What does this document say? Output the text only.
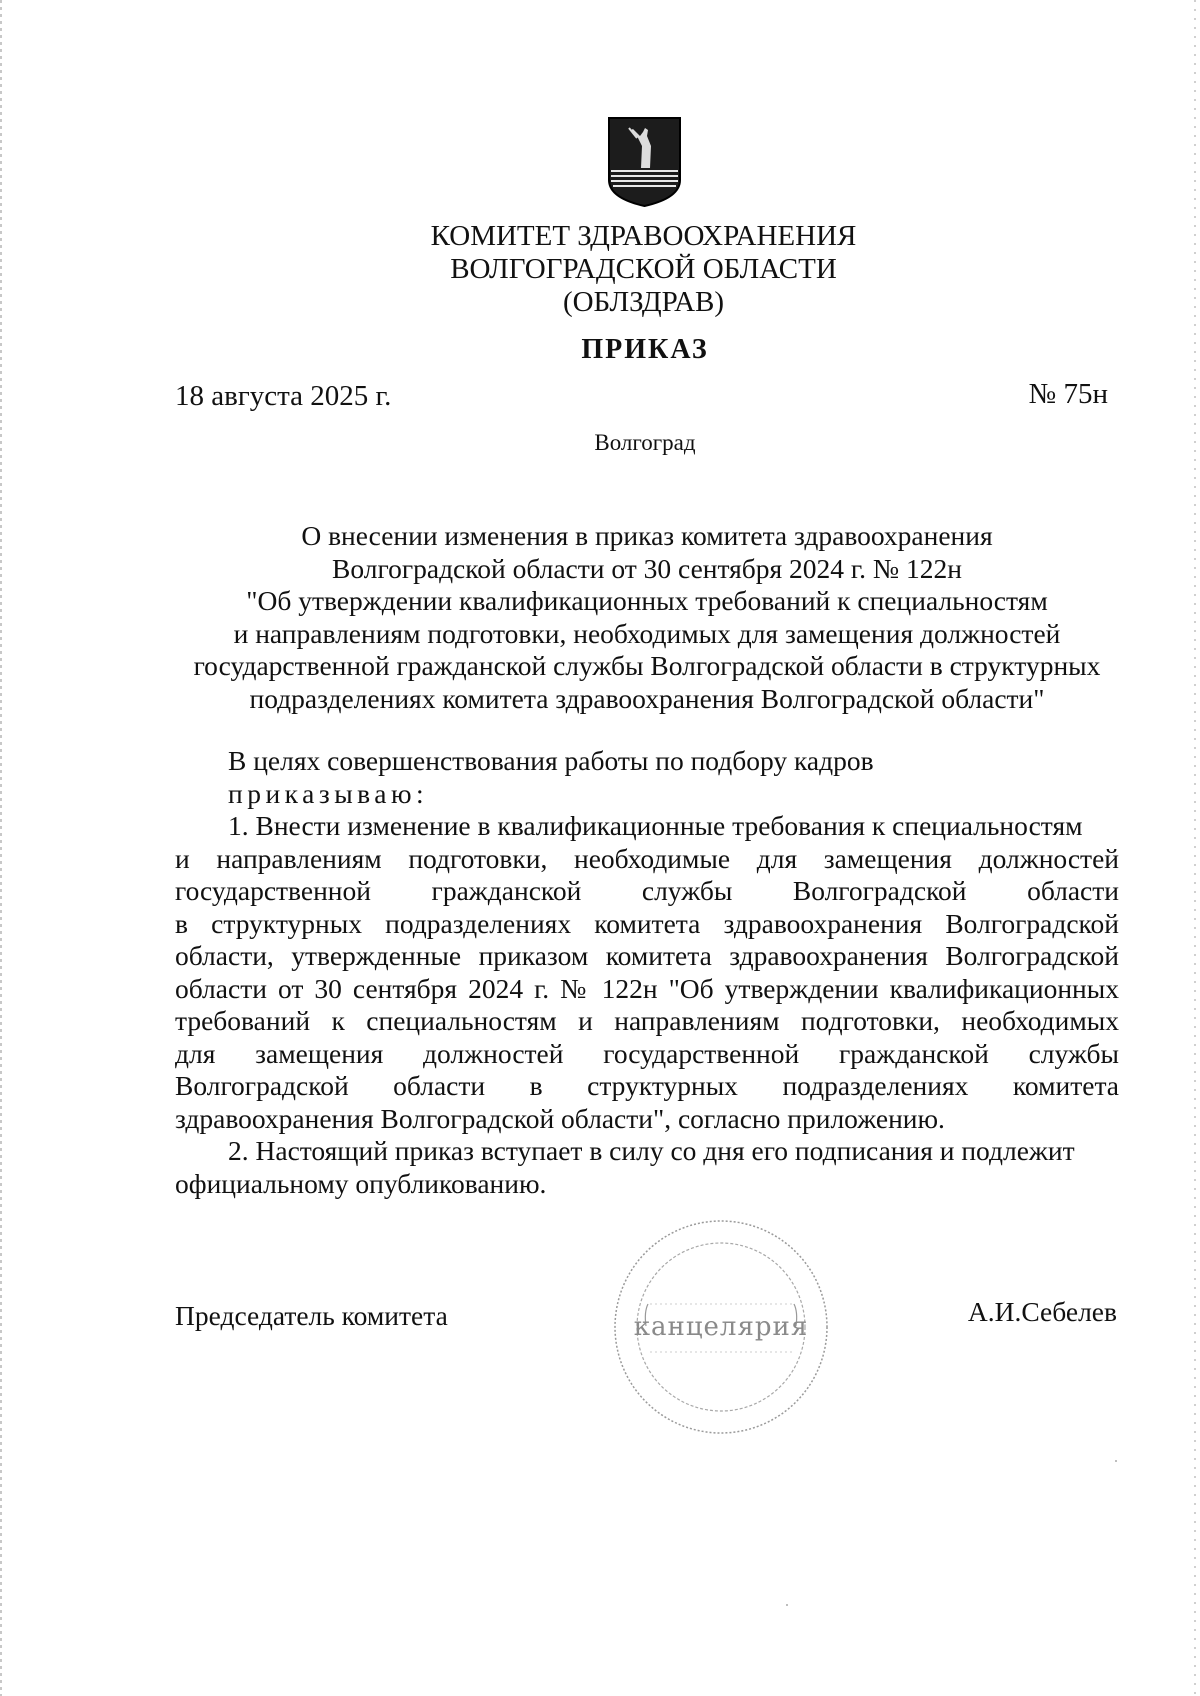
КОМИТЕТ ЗДРАВООХРАНЕНИЯ
ВОЛГОГРАДСКОЙ ОБЛАСТИ
(ОБЛЗДРАВ)
ПРИКАЗ
18 августа 2025 г.	№ 75н
Волгоград
О внесении изменения в приказ комитета здравоохранения
Волгоградской области от 30 сентября 2024 г. № 122н
"Об утверждении квалификационных требований к специальностям
и направлениям подготовки, необходимых для замещения должностей
государственной гражданской службы Волгоградской области в структурных
подразделениях комитета здравоохранения Волгоградской области"
В целях совершенствования работы по подбору кадров
приказываю:
1. Внести изменение в квалификационные требования к специальностям
и направлениям подготовки, необходимые для замещения должностей
государственной гражданской службы Волгоградской области
в структурных подразделениях комитета здравоохранения Волгоградской
области, утвержденные приказом комитета здравоохранения Волгоградской
области от 30 сентября 2024 г. № 122н "Об утверждении квалификационных
требований к специальностям и направлениям подготовки, необходимых
для замещения должностей государственной гражданской службы
Волгоградской области в структурных подразделениях комитета
здравоохранения Волгоградской области", согласно приложению.
2. Настоящий приказ вступает в силу со дня его подписания и подлежит
официальному опубликованию.
канцелярия
Председатель комитета	А.И.Себелев
